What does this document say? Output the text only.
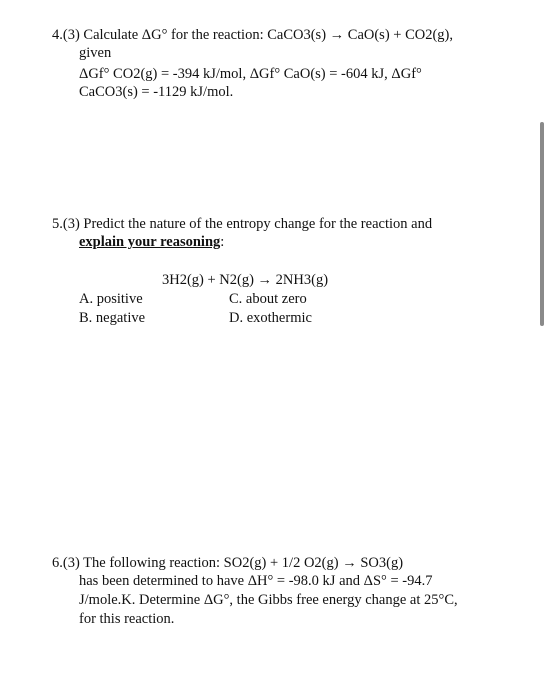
4.(3) Calculate ΔG° for the reaction: CaCO3(s) → CaO(s) + CO2(g),
given
ΔGf° CO2(g) = -394 kJ/mol, ΔGf° CaO(s) = -604 kJ, ΔGf°
CaCO3(s) = -1129 kJ/mol.
5.(3) Predict the nature of the entropy change for the reaction and
explain your reasoning:
3H2(g) + N2(g) → 2NH3(g)
A. positive
B. negative
C. about zero
D. exothermic
6.(3) The following reaction: SO2(g) + 1/2 O2(g) → SO3(g)
has been determined to have ΔH° = -98.0 kJ and ΔS° = -94.7
J/mole.K. Determine ΔG°, the Gibbs free energy change at 25°C,
for this reaction.
